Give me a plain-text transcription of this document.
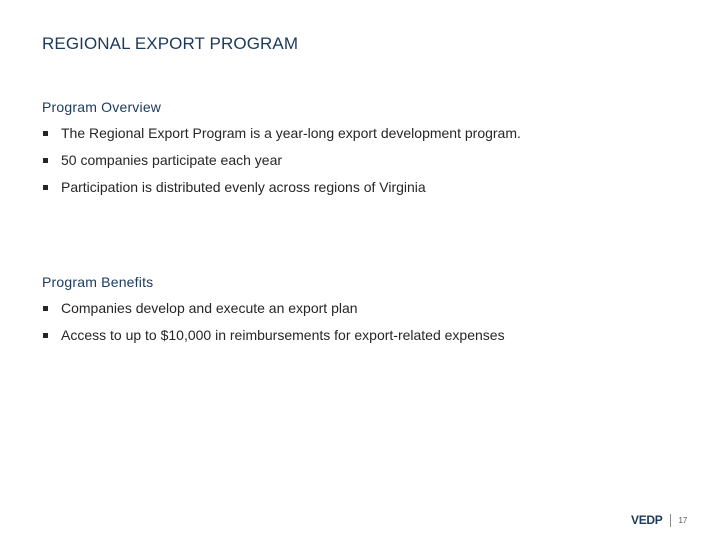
REGIONAL EXPORT PROGRAM
Program Overview
The Regional Export Program is a year-long export development program.
50 companies participate each year
Participation is distributed evenly across regions of Virginia
Program Benefits
Companies develop and execute an export plan
Access to up to $10,000 in reimbursements for export-related expenses
VEDP 17
